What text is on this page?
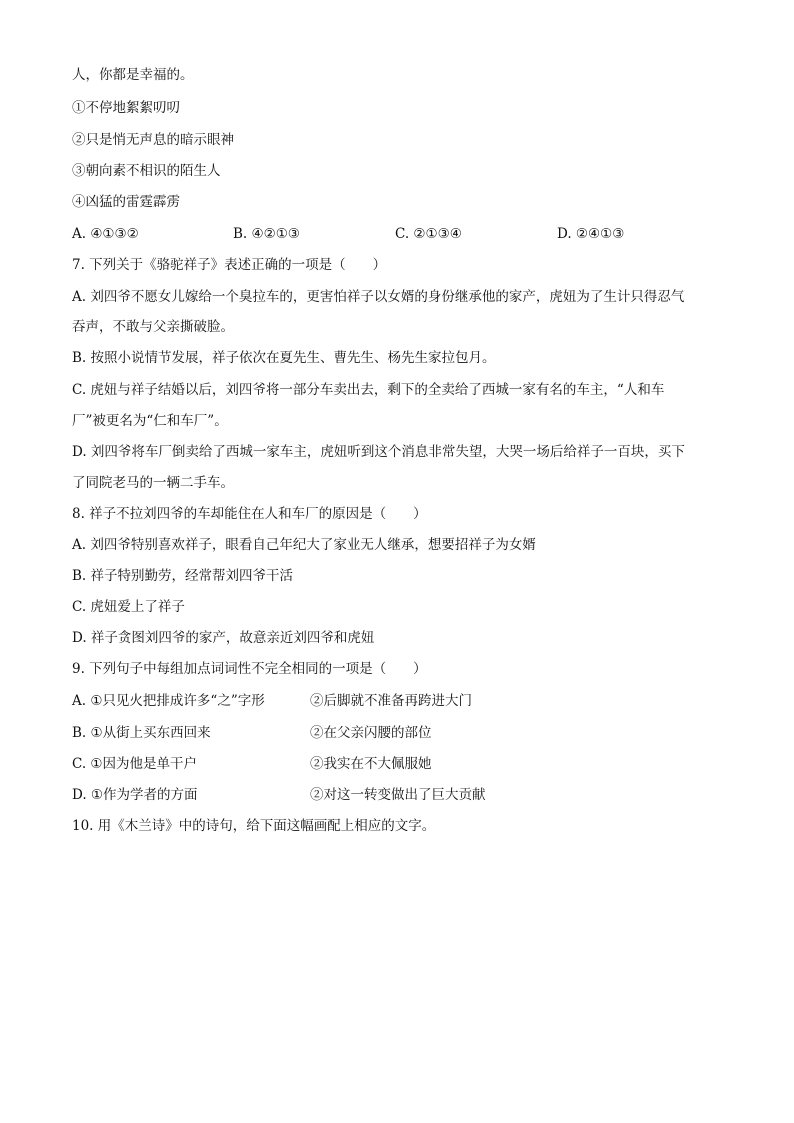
人，你都是幸福的。
①不停地絮絮叨叨
②只是悄无声息的暗示眼神
③朝向素不相识的陌生人
④凶猛的雷霆霹雳
A. ④①③②	B. ④②①③	C. ②①③④	D. ②④①③
7. 下列关于《骆驼祥子》表述正确的一项是（　　）
A. 刘四爷不愿女儿嫁给一个臭拉车的，更害怕祥子以女婿的身份继承他的家产，虎妞为了生计只得忍气
吞声，不敢与父亲撕破脸。
B. 按照小说情节发展，祥子依次在夏先生、曹先生、杨先生家拉包月。
C. 虎妞与祥子结婚以后，刘四爷将一部分车卖出去，剩下的全卖给了西城一家有名的车主，“人和车
厂”被更名为“仁和车厂”。
D. 刘四爷将车厂倒卖给了西城一家车主，虎妞听到这个消息非常失望，大哭一场后给祥子一百块，买下
了同院老马的一辆二手车。
8. 祥子不拉刘四爷的车却能住在人和车厂的原因是（　　）
A. 刘四爷特别喜欢祥子，眼看自己年纪大了家业无人继承，想要招祥子为女婿
B. 祥子特别勤劳，经常帮刘四爷干活
C. 虎妞爱上了祥子
D. 祥子贪图刘四爷的家产，故意亲近刘四爷和虎妞
9. 下列句子中每组加点词词性不完全相同的一项是（　　）
A. ①只见火把排成许多“之”字形	②后脚就不准备再跨进大门
B. ①从街上买东西回来	②在父亲闪腰的部位
C. ①因为他是单干户	②我实在不大佩服她
D. ①作为学者的方面	②对这一转变做出了巨大贡献
10. 用《木兰诗》中的诗句，给下面这幅画配上相应的文字。
